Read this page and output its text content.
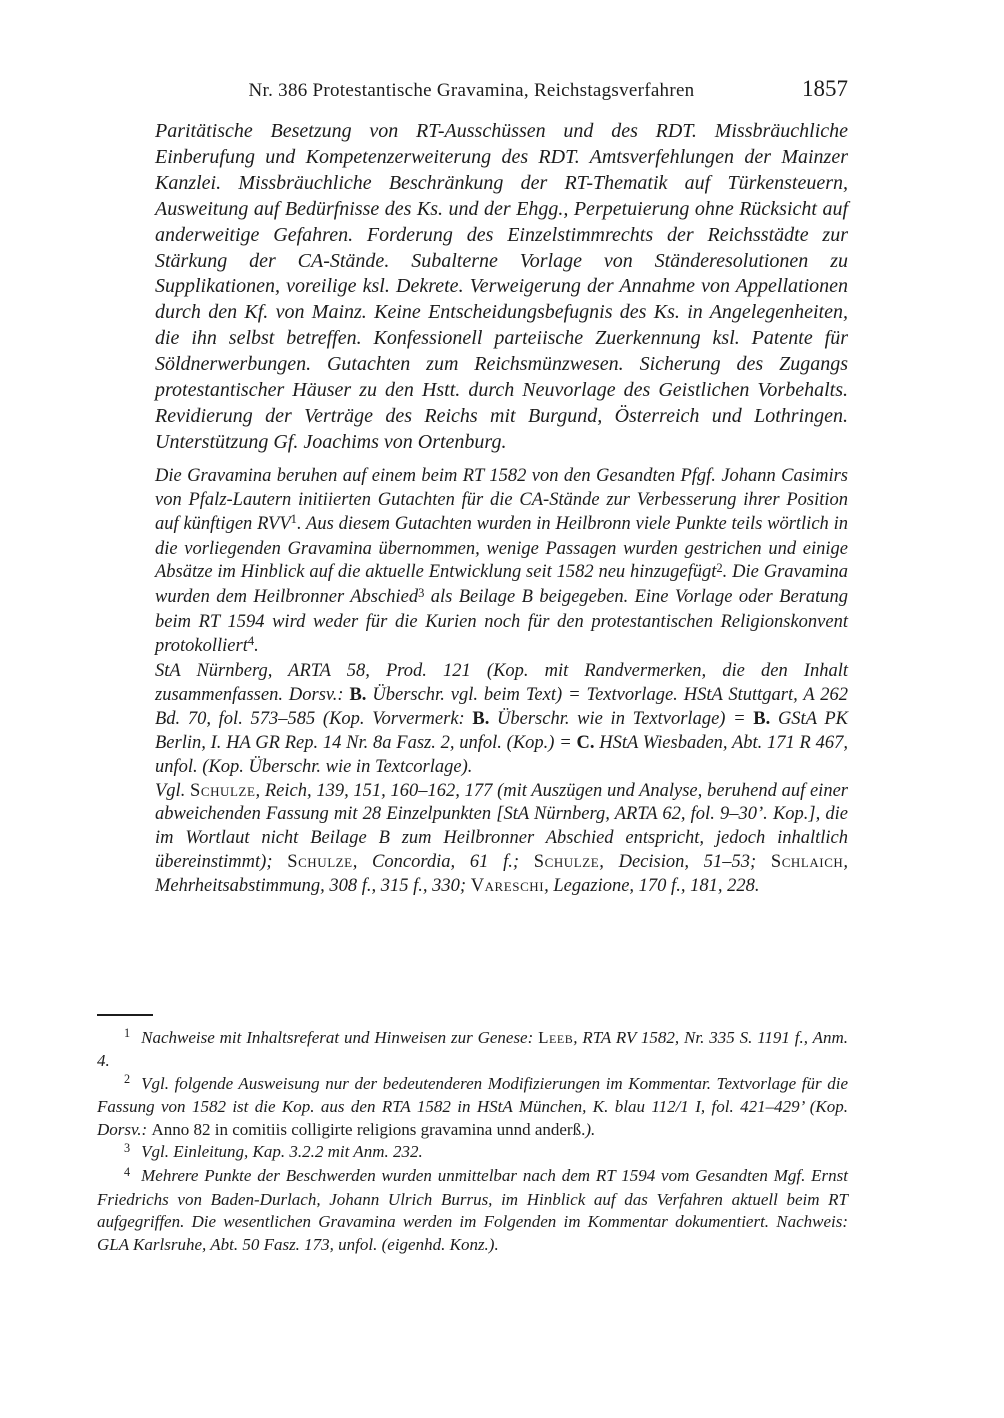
Nr. 386 Protestantische Gravamina, Reichstagsverfahren	1857

Paritätische Besetzung von RT-Ausschüssen und des RDT. Missbräuchliche Einberufung und Kompetenzerweiterung des RDT. Amtsverfehlungen der Mainzer Kanzlei. Missbräuchliche Beschränkung der RT-Thematik auf Türkensteuern, Ausweitung auf Bedürfnisse des Ks. und der Ehgg., Perpetuierung ohne Rücksicht auf anderweitige Gefahren. Forderung des Einzelstimmrechts der Reichsstädte zur Stärkung der CA-Stände. Subalterne Vorlage von Ständeresolutionen zu Supplikationen, voreilige ksl. Dekrete. Verweigerung der Annahme von Appellationen durch den Kf. von Mainz. Keine Entscheidungsbefugnis des Ks. in Angelegenheiten, die ihn selbst betreffen. Konfessionell parteiische Zuerkennung ksl. Patente für Söldnerwerbungen. Gutachten zum Reichsmünzwesen. Sicherung des Zugangs protestantischer Häuser zu den Hstt. durch Neuvorlage des Geistlichen Vorbehalts. Revidierung der Verträge des Reichs mit Burgund, Österreich und Lothringen. Unterstützung Gf. Joachims von Ortenburg.

Die Gravamina beruhen auf einem beim RT 1582 von den Gesandten Pfgf. Johann Casimirs von Pfalz-Lautern initiierten Gutachten für die CA-Stände zur Verbesserung ihrer Position auf künftigen RVV$^1$. Aus diesem Gutachten wurden in Heilbronn viele Punkte teils wörtlich in die vorliegenden Gravamina übernommen, wenige Passagen wurden gestrichen und einige Absätze im Hinblick auf die aktuelle Entwicklung seit 1582 neu hinzugefügt$^2$. Die Gravamina wurden dem Heilbronner Abschied$^3$ als Beilage B beigegeben. Eine Vorlage oder Beratung beim RT 1594 wird weder für die Kurien noch für den protestantischen Religionskonvent protokolliert$^4$.

StA Nürnberg, ARTA 58, Prod. 121 (Kop. mit Randvermerken, die den Inhalt zusammenfassen. Dorsv.: B. Überschr. vgl. beim Text) = Textvorlage. HStA Stuttgart, A 262 Bd. 70, fol. 573–585 (Kop. Vorvermerk: B. Überschr. wie in Textvorlage) = B. GStA PK Berlin, I. HA GR Rep. 14 Nr. 8a Fasz. 2, unfol. (Kop.) = C. HStA Wiesbaden, Abt. 171 R 467, unfol. (Kop. Überschr. wie in Textcorlage).

Vgl. Schulze, Reich, 139, 151, 160–162, 177 (mit Auszügen und Analyse, beruhend auf einer abweichenden Fassung mit 28 Einzelpunkten [StA Nürnberg, ARTA 62, fol. 9–30’. Kop.], die im Wortlaut nicht Beilage B zum Heilbronner Abschied entspricht, jedoch inhaltlich übereinstimmt); Schulze, Concordia, 61 f.; Schulze, Decision, 51–53; Schlaich, Mehrheitsabstimmung, 308 f., 315 f., 330; Vareschi, Legazione, 170 f., 181, 228.

$^1$ Nachweise mit Inhaltsreferat und Hinweisen zur Genese: Leeb, RTA RV 1582, Nr. 335 S. 1191 f., Anm. 4.

$^2$ Vgl. folgende Ausweisung nur der bedeutenderen Modifizierungen im Kommentar. Textvorlage für die Fassung von 1582 ist die Kop. aus den RTA 1582 in HStA München, K. blau 112/1 I, fol. 421–429’ (Kop. Dorsv.: Anno 82 in comitiis colligirte religions gravamina unnd anderß.).

$^3$ Vgl. Einleitung, Kap. 3.2.2 mit Anm. 232.

$^4$ Mehrere Punkte der Beschwerden wurden unmittelbar nach dem RT 1594 vom Gesandten Mgf. Ernst Friedrichs von Baden-Durlach, Johann Ulrich Burrus, im Hinblick auf das Verfahren aktuell beim RT aufgegriffen. Die wesentlichen Gravamina werden im Folgenden im Kommentar dokumentiert. Nachweis: GLA Karlsruhe, Abt. 50 Fasz. 173, unfol. (eigenhd. Konz.).
